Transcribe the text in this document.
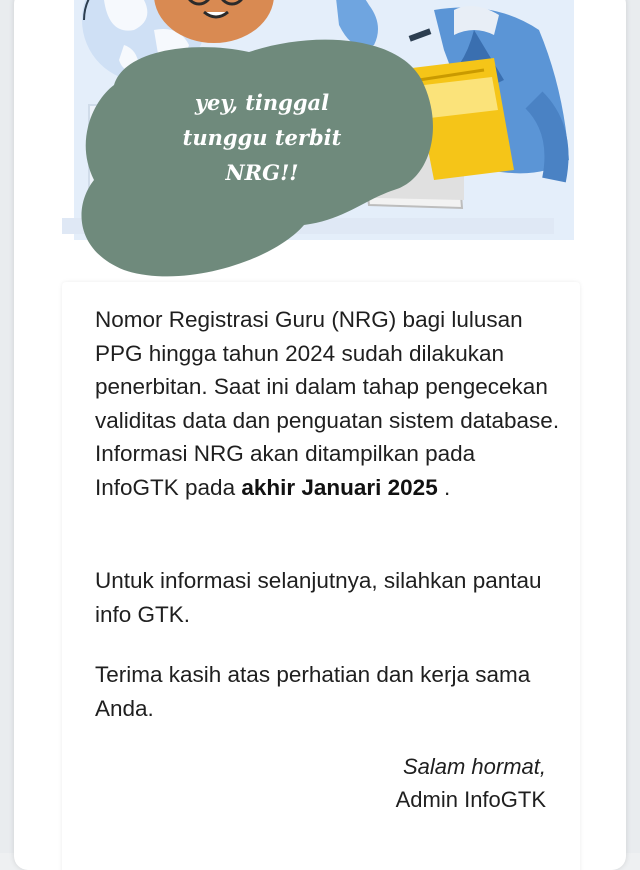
yey, tinggal
tunggu terbit
NRG!!

Nomor Registrasi Guru (NRG) bagi lulusan PPG hingga tahun 2024 sudah dilakukan penerbitan. Saat ini dalam tahap pengecekan validitas data dan penguatan sistem database. Informasi NRG akan ditampilkan pada InfoGTK pada akhir Januari 2025 .

Untuk informasi selanjutnya, silahkan pantau info GTK.

Terima kasih atas perhatian dan kerja sama Anda.

Salam hormat,
Admin InfoGTK
